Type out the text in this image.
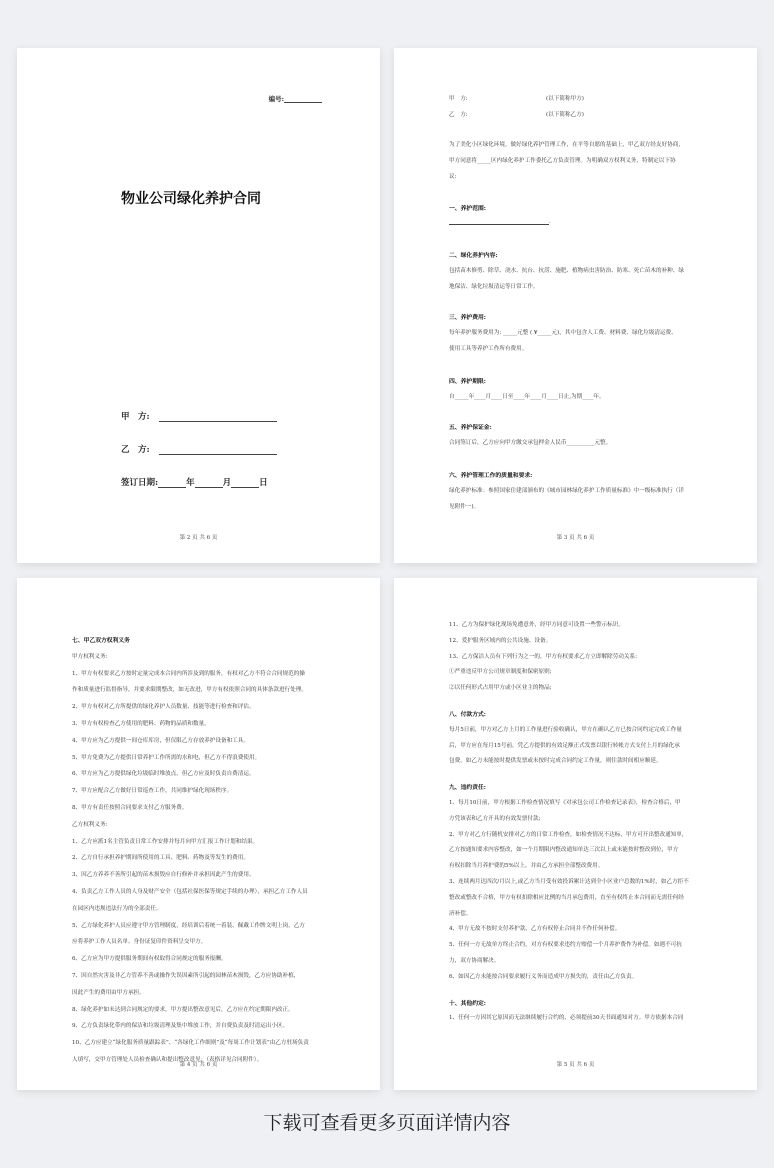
编号:
物业公司绿化养护合同
甲　方:
乙　方:
签订日期:	年	月	日
第 2 页 共 6 页
甲　方:	(以下简称甲方)
乙　方:	(以下简称乙方)
为了美化小区绿化环境，做好绿化养护管理工作，在平等自愿的基础上，甲乙双方经友好协商，
甲方同意将_____区内绿化养护工作委托乙方负责管理。为明确双方权利义务，特制定以下协
议:
一、养护范围:
.
二、绿化养护内容:
包括苗木修剪、除草、浇水、抗台、抗涝、施肥、植物病虫害防治、防寒、死亡苗木的补种、绿
地保洁、绿化垃圾清运等日常工作。
三、养护费用:
每年养护服务费用为: _____元整 ( ¥_____元)，其中包含人工费、材料费、绿化垃圾清运费、
使用工具等养护工作所有费用。
四、养护期限:
自_____年____月____日至____年____月____日止,为期____年。
五、养护保证金:
合同签订后，乙方应向甲方缴交承包押金人民币__________元整。
六、养护管理工作的质量和要求:
绿化养护标准：参照国家住建部颁布的《城市园林绿化养护工作质量标准》中一级标准执行（详
见附件一)。
第 3 页 共 6 页
七、甲乙双方权利义务
甲方权利义务:
1、甲方有权要求乙方按时定量完成本合同内所涉及到的服务，有权对乙方不符合合同规范的操
作和质量进行监督指导，并要求限期整改，如无改进，甲方有权依照合同的具体条款进行处理。
2、甲方有权对乙方所提供的绿化养护人员数量、技能等进行检查和评估。
3、甲方有权检查乙方使用的肥料、药物的品质和数量。
4、甲方应为乙方提供一间仓库库房，但仅限乙方存放养护设备和工具。
5、甲方免费为乙方提供日常养护工作所需的水和电，但乙方不得浪费使用。
6、甲方应为乙方提供绿化垃圾临时堆放点，但乙方应及时负责自费清运。
7、甲方应配合乙方做好日常巡查工作，共同维护绿化现场秩序。
8、甲方有责任按照合同要求支付乙方服务费。
乙方权利义务:
1、乙方应派1名主管负责日常工作安排并每月向甲方汇报工作计划和结果。
2、乙方自行承担养护期间所使用的工具、肥料、药物及等发生的费用。
3、因乙方养养不善所引起的苗木损毁应自行修补并承担因此产生的费用。
4、负责乙方工作人员的人身及财产安全（包括社保医保等规定手续的办理），承担乙方工作人员
在园区内违规违法行为的全部责任。
5、乙方绿化养护人员应遵守甲方管理制度，经培训后着统一着装、佩戴工作牌文明上岗。乙方
应将养护工作人员名单、身份证复印件资料呈交甲方。
6、乙方应为甲方提供服务期间有权取得合同规定的服务报酬。
7、因自然灾害及非乙方管养不善或操作失误因素所引起的园林苗木损毁，乙方应协助补植，
因此产生的费用由甲方承担。
8、绿化养护如未达到合同规定的要求，甲方提出整改意见后，乙方应在约定期限内改正。
9、乙方负责绿化带内的保洁和垃圾清理及集中堆放工作，并自费负责及时清运出小区。
10、乙方应建立“绿化服务质量跟踪表”、“各绿化工作细则”及“每周工作计划表”由乙方驻场负责
人填写，交甲方管理处人员检查确认和提出整改意见；（表格详见合同附件）。
第 4 页 共 6 页
11、乙方为保护绿化现场免遭意外，经甲方同意可设置一些警示标识。
12、爱护服务区域内的公共设施、设备。
13、乙方保洁人员有下列行为之一的，甲方有权要求乙方立即解除劳动关系:
①严重违反甲方公司规章制度和保密原则;
②以任何形式占用甲方或小区业主的物品;
八、付款方式:
每月5日前，甲方对乙方上月的工作量进行验收确认，甲方在确认乙方已按合同约定完成工作量
后，甲方应在每月15号前，凭乙方提供的有效足额正式发票以银行转帐方式支付上月的绿化承
包费。如乙方未能按时提供发票或未按时完成合同约定工作量，则往款时间相应顺延。
九、违约责任:
1、每月10日前，甲方根据工作检查情况填写《对承包公司工作检查记录表》，检查合格后，甲
方凭该表和乙方开具的有效发票付款;
2、甲方对乙方行随机安排对乙方的日常工作检查，如检查情况不达标，甲方可开出整改通知单，
乙方按通知要求内容整改，如一个月期限内整改通知单达三次以上或未能按时整改到位，甲方
有权扣除当月养护费的5%以上，并由乙方承担全部整改费用。
3、连续两月达四次/月以上,或乙方当月受有效投诉累计达到全小区业户总数的1%时，如乙方拒不
整改或整改不合格，甲方有权扣除相应比例的当月承包费用，直至有权终止本合同而无需任何经
济补偿。
4、甲方无故不按时支付养护款，乙方有权停止合同并不作任何补偿。
5、任何一方无故单方终止合约，对方有权要求违约方赔偿一个月养护费作为补偿。如遇不可抗
力，双方协商解决。
6、如因乙方未能按合同要求履行义务而造成甲方损失的，责任由乙方负责。
十、其他约定:
1、任何一方因其它原因而无法继续履行合约的，必须提前30天书面通知对方。甲方依据本合同
第 5 页 共 6 页
下载可查看更多页面详情内容
